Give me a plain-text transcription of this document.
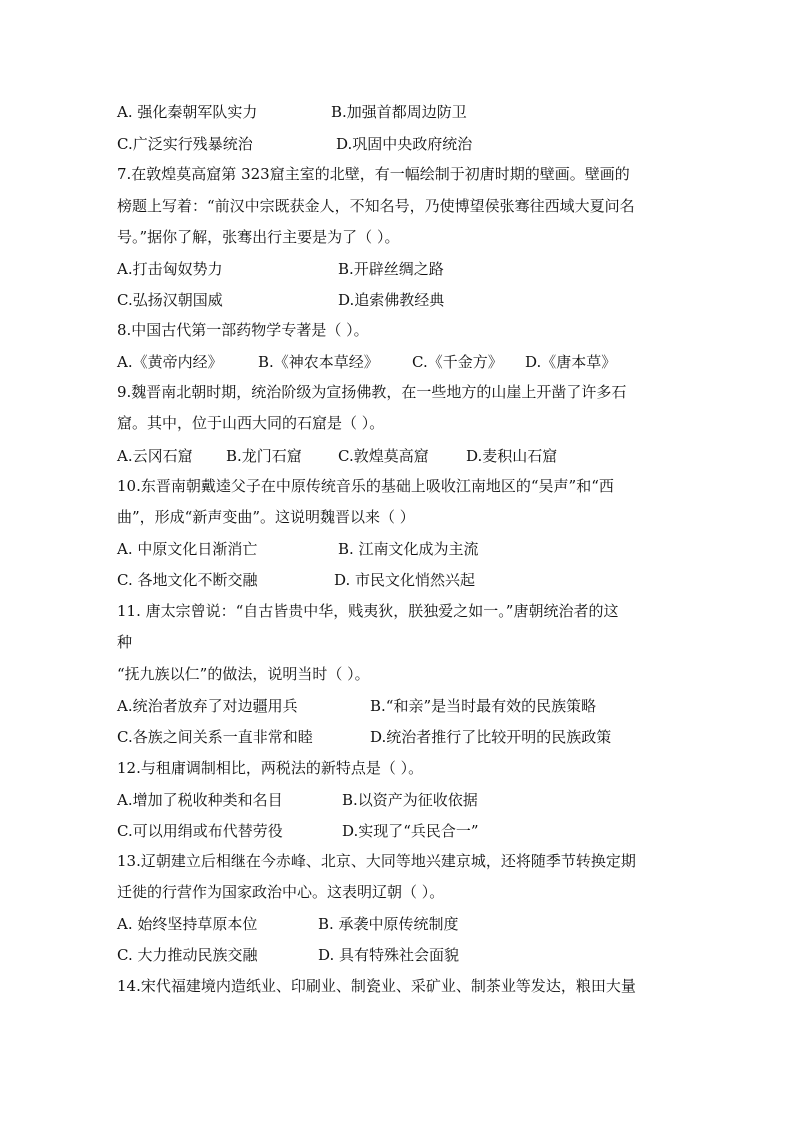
A. 强化秦朝军队实力	B.加强首都周边防卫
C.广泛实行残暴统治	D.巩固中央政府统治
7.在敦煌莫高窟第 323窟主室的北壁，有一幅绘制于初唐时期的壁画。壁画的
榜题上写着：“前汉中宗既获金人，不知名号，乃使博望侯张骞往西域大夏问名
号。”据你了解，张骞出行主要是为了（ ）。
A.打击匈奴势力	B.开辟丝绸之路
C.弘扬汉朝国威	D.追索佛教经典
8.中国古代第一部药物学专著是（ ）。
A.《黄帝内经》 B.《神农本草经》 C.《千金方》 D.《唐本草》
9.魏晋南北朝时期，统治阶级为宣扬佛教，在一些地方的山崖上开凿了许多石
窟。其中，位于山西大同的石窟是（ ）。
A.云冈石窟 B.龙门石窟 C.敦煌莫高窟 D.麦积山石窟
10.东晋南朝戴逵父子在中原传统音乐的基础上吸收江南地区的“吴声”和“西
曲”，形成“新声变曲”。这说明魏晋以来（ ）
A. 中原文化日渐消亡	B. 江南文化成为主流
C. 各地文化不断交融	D. 市民文化悄然兴起
11. 唐太宗曾说：“自古皆贵中华，贱夷狄，朕独爱之如一。”唐朝统治者的这
种
“抚九族以仁”的做法，说明当时（ ）。
A.统治者放弃了对边疆用兵	B.“和亲”是当时最有效的民族策略
C.各族之间关系一直非常和睦	D.统治者推行了比较开明的民族政策
12.与租庸调制相比，两税法的新特点是（ ）。
A.增加了税收种类和名目	B.以资产为征收依据
C.可以用绢或布代替劳役	D.实现了“兵民合一”
13.辽朝建立后相继在今赤峰、北京、大同等地兴建京城，还将随季节转换定期
迁徙的行营作为国家政治中心。这表明辽朝（ ）。
A. 始终坚持草原本位	B. 承袭中原传统制度
C. 大力推动民族交融	D. 具有特殊社会面貌
14.宋代福建境内造纸业、印刷业、制瓷业、采矿业、制茶业等发达，粮田大量
